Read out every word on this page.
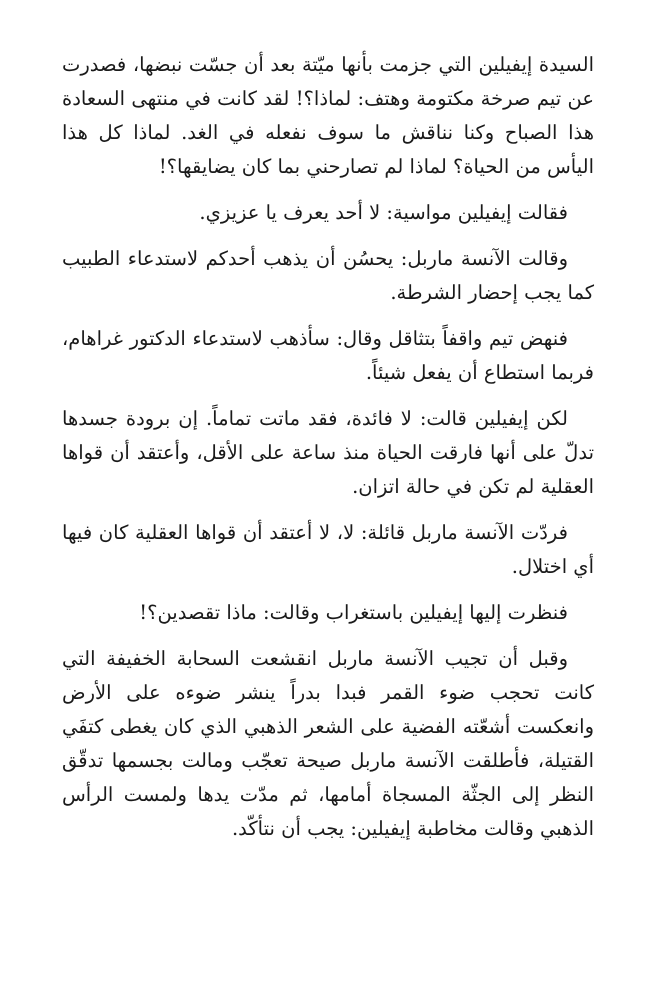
السيدة إيفيلين التي جزمت بأنها ميّتة بعد أن جسّت نبضها، فصدرت عن تيم صرخة مكتومة وهتف: لماذا؟! لقد كانت في منتهى السعادة هذا الصباح وكنا نناقش ما سوف نفعله في الغد. لماذا كل هذا اليأس من الحياة؟ لماذا لم تصارحني بما كان يضايقها؟!

فقالت إيفيلين مواسية: لا أحد يعرف يا عزيزي.

وقالت الآنسة ماربل: يحسُن أن يذهب أحدكم لاستدعاء الطبيب كما يجب إحضار الشرطة.

فنهض تيم واقفاً بتثاقل وقال: سأذهب لاستدعاء الدكتور غراهام، فربما استطاع أن يفعل شيئاً.

لكن إيفيلين قالت: لا فائدة، فقد ماتت تماماً. إن برودة جسدها تدلّ على أنها فارقت الحياة منذ ساعة على الأقل، وأعتقد أن قواها العقلية لم تكن في حالة اتزان.

فردّت الآنسة ماربل قائلة: لا، لا أعتقد أن قواها العقلية كان فيها أي اختلال.

فنظرت إليها إيفيلين باستغراب وقالت: ماذا تقصدين؟!

وقبل أن تجيب الآنسة ماربل انقشعت السحابة الخفيفة التي كانت تحجب ضوء القمر فبدا بدراً ينشر ضوءه على الأرض وانعكست أشعّته الفضية على الشعر الذهبي الذي كان يغطى كتفَي القتيلة، فأطلقت الآنسة ماربل صيحة تعجّب ومالت بجسمها تدقّق النظر إلى الجثّة المسجاة أمامها، ثم مدّت يدها ولمست الرأس الذهبي وقالت مخاطبة إيفيلين: يجب أن نتأكّد.
